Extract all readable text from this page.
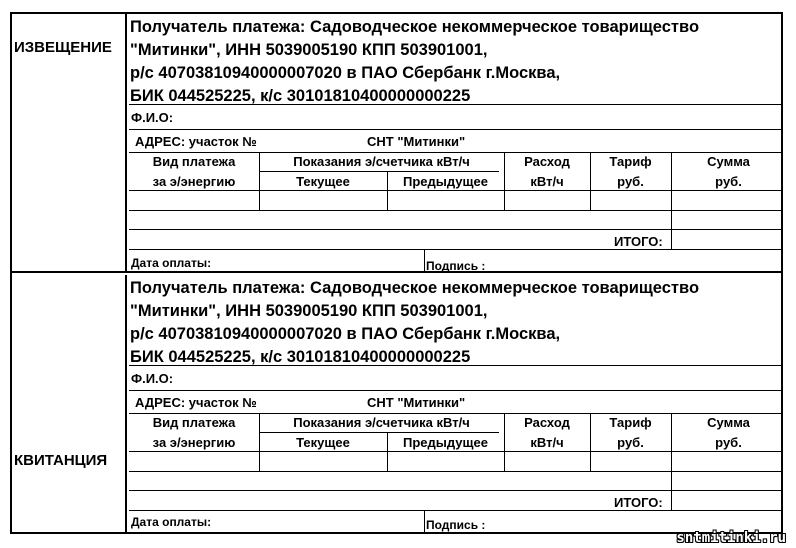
ИЗВЕЩЕНИЕ
Получатель платежа: Садоводческое некоммерческое товарищество
"Митинки", ИНН 5039005190 КПП 503901001,
р/с 40703810940000007020 в ПАО Сбербанк г.Москва,
БИК 044525225, к/с 30101810400000000225
Ф.И.О:
АДРЕС: участок №	СНТ "Митинки"
Вид платежа	Показания э/счетчика кВт/ч	Расход	Тариф	Сумма
за э/энергию	Текущее	Предыдущее	кВт/ч	руб.	руб.
ИТОГО:
Дата оплаты:	Подпись :
КВИТАНЦИЯ
Получатель платежа: Садоводческое некоммерческое товарищество
"Митинки", ИНН 5039005190 КПП 503901001,
р/с 40703810940000007020 в ПАО Сбербанк г.Москва,
БИК 044525225, к/с 30101810400000000225
Ф.И.О:
АДРЕС: участок №	СНТ "Митинки"
Вид платежа	Показания э/счетчика кВт/ч	Расход	Тариф	Сумма
за э/энергию	Текущее	Предыдущее	кВт/ч	руб.	руб.
ИТОГО:
Дата оплаты:	Подпись :
sntmitinki.ru
